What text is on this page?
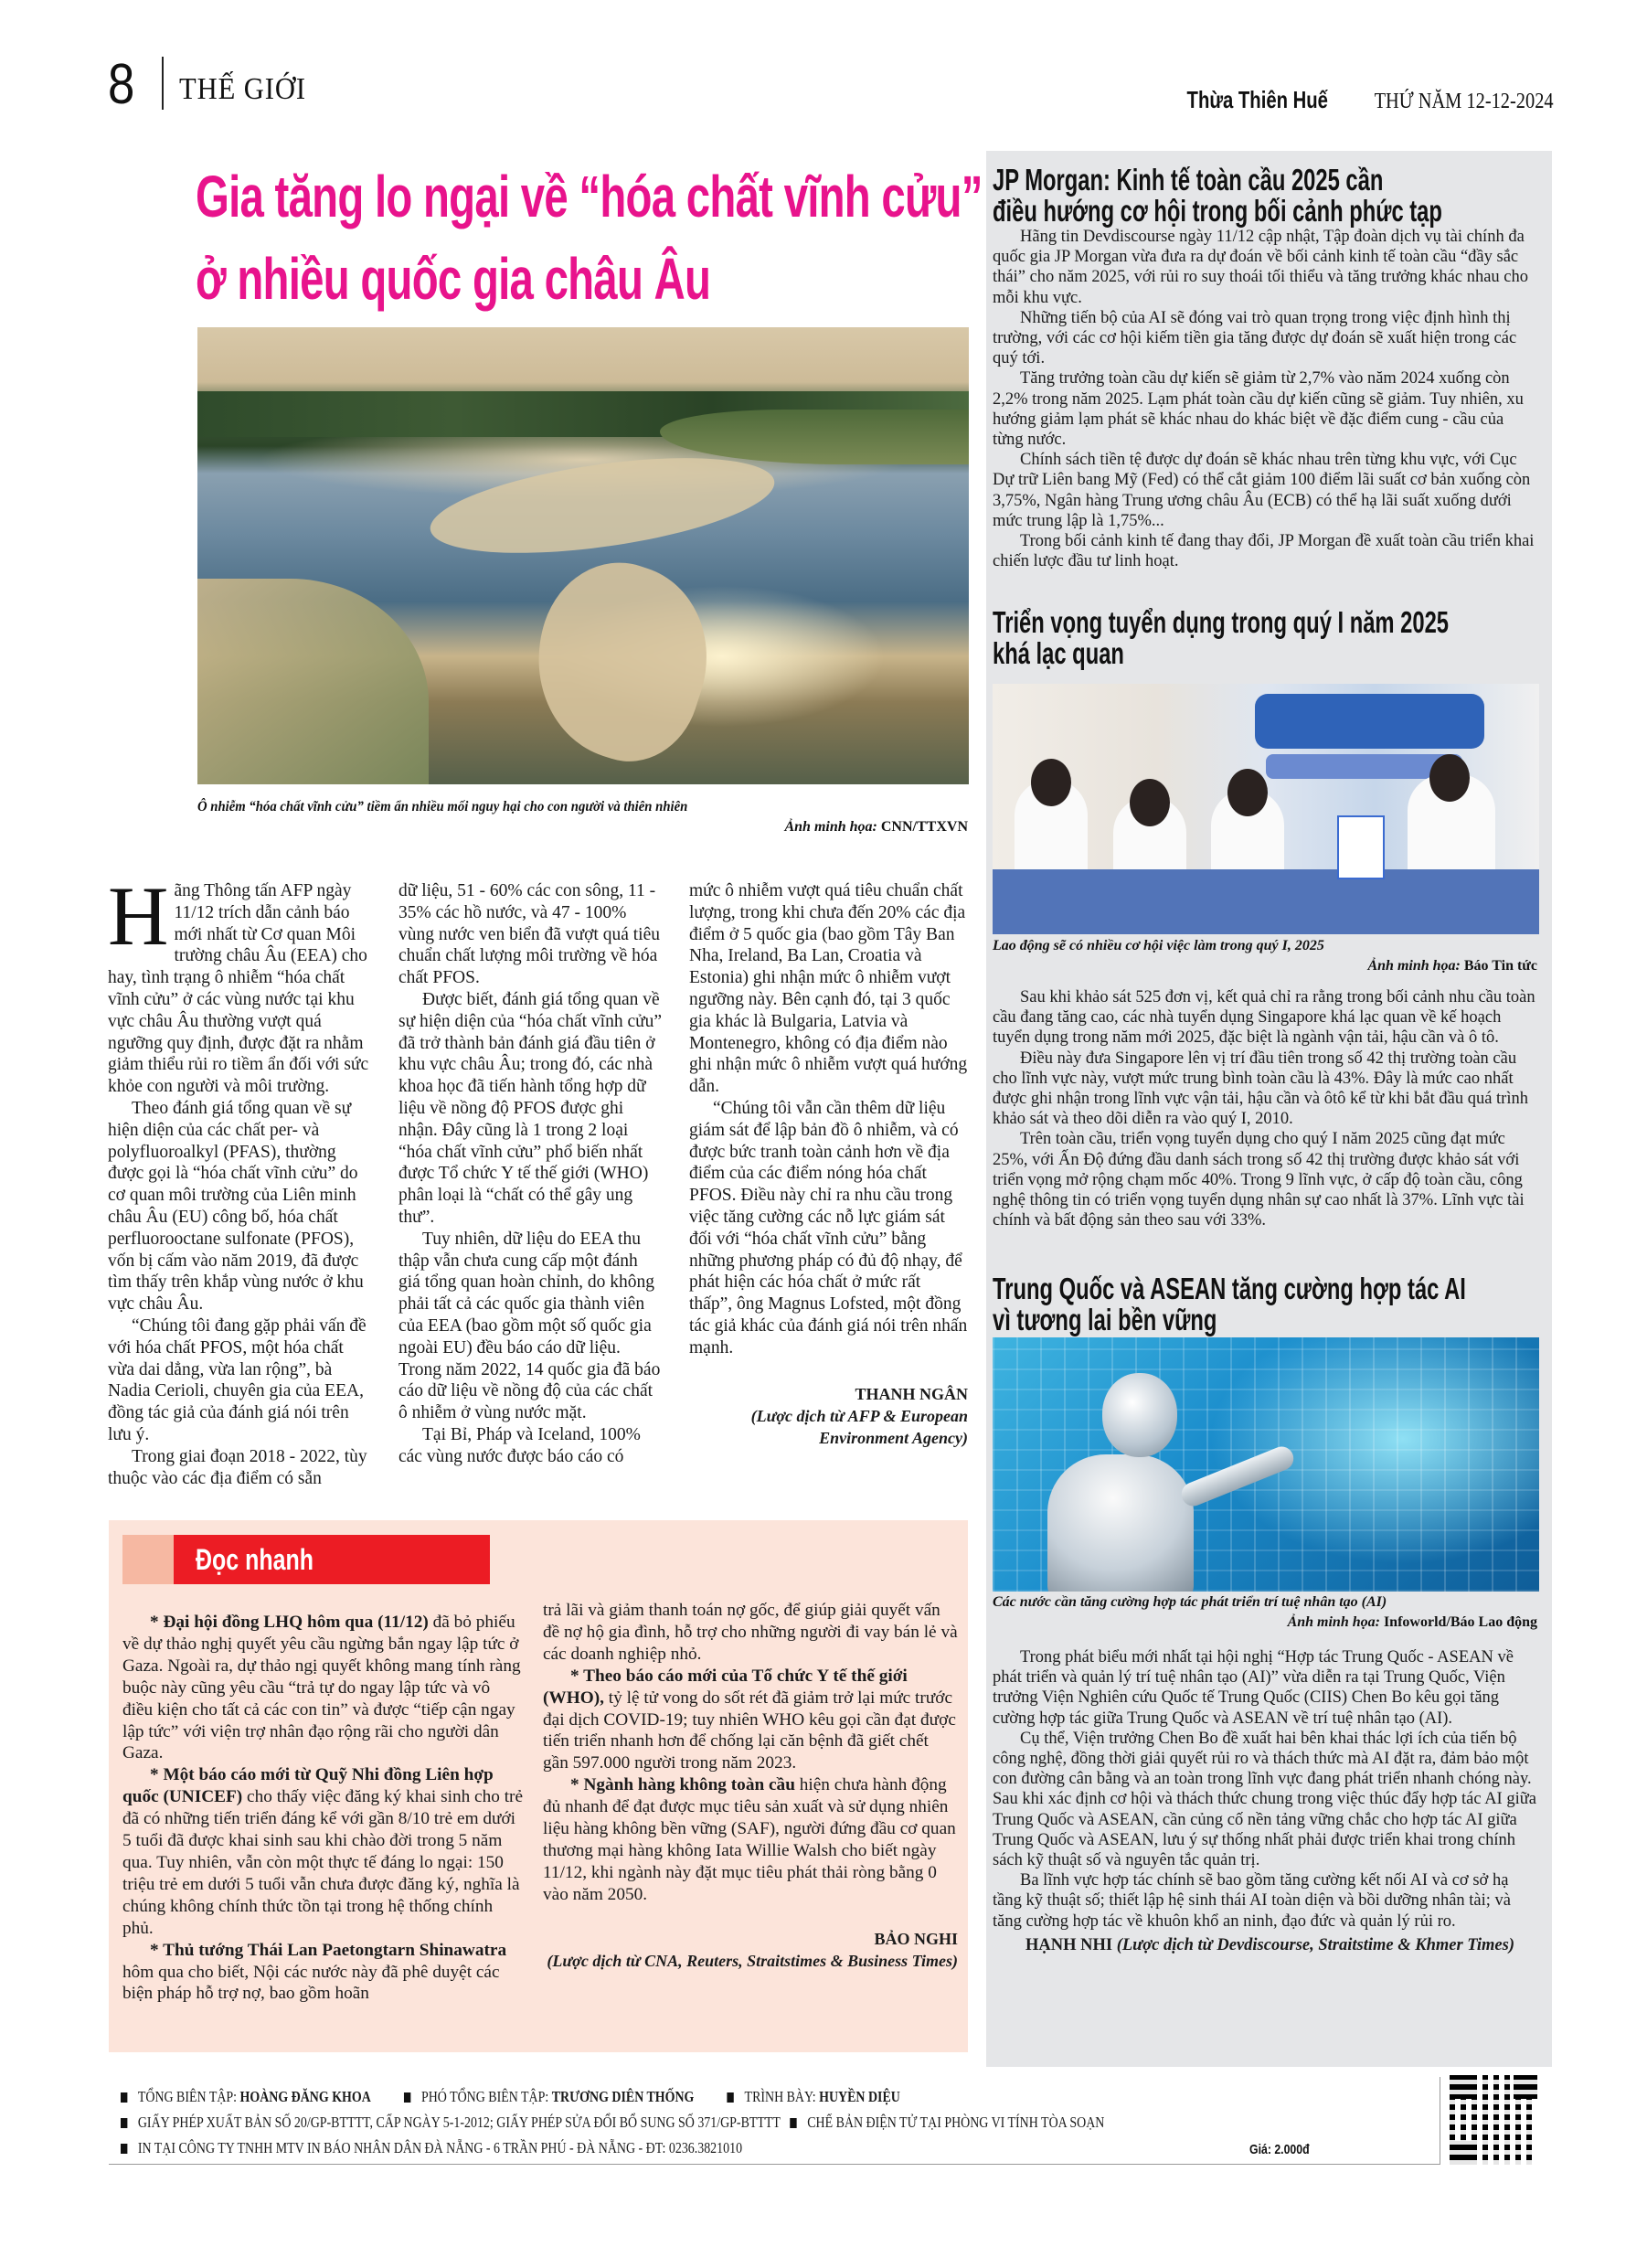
8 THẾ GIỚI	Thừa Thiên Huế THỨ NĂM 12-12-2024
Gia tăng lo ngại về “hóa chất vĩnh cửu”
ở nhiều quốc gia châu Âu
Ô nhiễm “hóa chất vĩnh cửu” tiềm ẩn nhiều mối nguy hại cho con người và thiên nhiên
Ảnh minh họa: CNN/TTXVN

Hãng Thông tấn AFP ngày 11/12 trích dẫn cảnh báo mới nhất từ Cơ quan Môi trường châu Âu (EEA) cho hay, tình trạng ô nhiễm “hóa chất vĩnh cửu” ở các vùng nước tại khu vực châu Âu thường vượt quá ngưỡng quy định, được đặt ra nhằm giảm thiểu rủi ro tiềm ẩn đối với sức khỏe con người và môi trường.

Theo đánh giá tổng quan về sự hiện diện của các chất per- và polyfluoroalkyl (PFAS), thường được gọi là “hóa chất vĩnh cửu” do cơ quan môi trường của Liên minh châu Âu (EU) công bố, hóa chất perfluorooctane sulfonate (PFOS), vốn bị cấm vào năm 2019, đã được tìm thấy trên khắp vùng nước ở khu vực châu Âu.

“Chúng tôi đang gặp phải vấn đề với hóa chất PFOS, một hóa chất vừa dai dẳng, vừa lan rộng”, bà Nadia Cerioli, chuyên gia của EEA, đồng tác giả của đánh giá nói trên lưu ý.

Trong giai đoạn 2018 - 2022, tùy thuộc vào các địa điểm có sẵn

dữ liệu, 51 - 60% các con sông, 11 - 35% các hồ nước, và 47 - 100% vùng nước ven biển đã vượt quá tiêu chuẩn chất lượng môi trường về hóa chất PFOS.

Được biết, đánh giá tổng quan về sự hiện diện của “hóa chất vĩnh cửu” đã trở thành bản đánh giá đầu tiên ở khu vực châu Âu; trong đó, các nhà khoa học đã tiến hành tổng hợp dữ liệu về nồng độ PFOS được ghi nhận. Đây cũng là 1 trong 2 loại “hóa chất vĩnh cửu” phổ biến nhất được Tổ chức Y tế thế giới (WHO) phân loại là “chất có thể gây ung thư”.

Tuy nhiên, dữ liệu do EEA thu thập vẫn chưa cung cấp một đánh giá tổng quan hoàn chỉnh, do không phải tất cả các quốc gia thành viên của EEA (bao gồm một số quốc gia ngoài EU) đều báo cáo dữ liệu. Trong năm 2022, 14 quốc gia đã báo cáo dữ liệu về nồng độ của các chất ô nhiễm ở vùng nước mặt.

Tại Bỉ, Pháp và Iceland, 100% các vùng nước được báo cáo có

mức ô nhiễm vượt quá tiêu chuẩn chất lượng, trong khi chưa đến 20% các địa điểm ở 5 quốc gia (bao gồm Tây Ban Nha, Ireland, Ba Lan, Croatia và Estonia) ghi nhận mức ô nhiễm vượt ngưỡng này. Bên cạnh đó, tại 3 quốc gia khác là Bulgaria, Latvia và Montenegro, không có địa điểm nào ghi nhận mức ô nhiễm vượt quá hướng dẫn.

“Chúng tôi vẫn cần thêm dữ liệu giám sát để lập bản đồ ô nhiễm, và có được bức tranh toàn cảnh hơn về địa điểm của các điểm nóng hóa chất PFOS. Điều này chỉ ra nhu cầu trong việc tăng cường các nỗ lực giám sát đối với “hóa chất vĩnh cửu” bằng những phương pháp có đủ độ nhạy, để phát hiện các hóa chất ở mức rất thấp”, ông Magnus Lofsted, một đồng tác giả khác của đánh giá nói trên nhấn mạnh.

THANH NGÂN
(Lược dịch từ AFP & European Environment Agency)
JP Morgan: Kinh tế toàn cầu 2025 cần
điều hướng cơ hội trong bối cảnh phức tạp

Hãng tin Devdiscourse ngày 11/12 cập nhật, Tập đoàn dịch vụ tài chính đa quốc gia JP Morgan vừa đưa ra dự đoán về bối cảnh kinh tế toàn cầu “đầy sắc thái” cho năm 2025, với rủi ro suy thoái tối thiểu và tăng trưởng khác nhau cho mỗi khu vực.

Những tiến bộ của AI sẽ đóng vai trò quan trọng trong việc định hình thị trường, với các cơ hội kiếm tiền gia tăng được dự đoán sẽ xuất hiện trong các quý tới.

Tăng trưởng toàn cầu dự kiến sẽ giảm từ 2,7% vào năm 2024 xuống còn 2,2% trong năm 2025. Lạm phát toàn cầu dự kiến cũng sẽ giảm. Tuy nhiên, xu hướng giảm lạm phát sẽ khác nhau do khác biệt về đặc điểm cung - cầu của từng nước.

Chính sách tiền tệ được dự đoán sẽ khác nhau trên từng khu vực, với Cục Dự trữ Liên bang Mỹ (Fed) có thể cắt giảm 100 điểm lãi suất cơ bản xuống còn 3,75%, Ngân hàng Trung ương châu Âu (ECB) có thể hạ lãi suất xuống dưới mức trung lập là 1,75%...

Trong bối cảnh kinh tế đang thay đổi, JP Morgan đề xuất toàn cầu triển khai chiến lược đầu tư linh hoạt.

Triển vọng tuyển dụng trong quý I năm 2025
khá lạc quan
Lao động sẽ có nhiều cơ hội việc làm trong quý I, 2025
Ảnh minh họa: Báo Tin tức

Sau khi khảo sát 525 đơn vị, kết quả chỉ ra rằng trong bối cảnh nhu cầu toàn cầu đang tăng cao, các nhà tuyển dụng Singapore khá lạc quan về kế hoạch tuyển dụng trong năm mới 2025, đặc biệt là ngành vận tải, hậu cần và ô tô.

Điều này đưa Singapore lên vị trí đầu tiên trong số 42 thị trường toàn cầu cho lĩnh vực này, vượt mức trung bình toàn cầu là 43%. Đây là mức cao nhất được ghi nhận trong lĩnh vực vận tải, hậu cần và ôtô kể từ khi bắt đầu quá trình khảo sát và theo dõi diễn ra vào quý I, 2010.

Trên toàn cầu, triển vọng tuyển dụng cho quý I năm 2025 cũng đạt mức 25%, với Ấn Độ đứng đầu danh sách trong số 42 thị trường được khảo sát với triển vọng mở rộng chạm mốc 40%. Trong 9 lĩnh vực, ở cấp độ toàn cầu, công nghệ thông tin có triển vọng tuyển dụng nhân sự cao nhất là 37%. Lĩnh vực tài chính và bất động sản theo sau với 33%.

Trung Quốc và ASEAN tăng cường hợp tác AI
vì tương lai bền vững
Các nước cần tăng cường hợp tác phát triển trí tuệ nhân tạo (AI)
Ảnh minh họa: Infoworld/Báo Lao động

Trong phát biểu mới nhất tại hội nghị “Hợp tác Trung Quốc - ASEAN về phát triển và quản lý trí tuệ nhân tạo (AI)” vừa diễn ra tại Trung Quốc, Viện trưởng Viện Nghiên cứu Quốc tế Trung Quốc (CIIS) Chen Bo kêu gọi tăng cường hợp tác giữa Trung Quốc và ASEAN về trí tuệ nhân tạo (AI).

Cụ thể, Viện trưởng Chen Bo đề xuất hai bên khai thác lợi ích của tiến bộ công nghệ, đồng thời giải quyết rủi ro và thách thức mà AI đặt ra, đảm bảo một con đường cân bằng và an toàn trong lĩnh vực đang phát triển nhanh chóng này. Sau khi xác định cơ hội và thách thức chung trong việc thúc đẩy hợp tác AI giữa Trung Quốc và ASEAN, cần củng cố nền tảng vững chắc cho hợp tác AI giữa Trung Quốc và ASEAN, lưu ý sự thống nhất phải được triển khai trong chính sách kỹ thuật số và nguyên tắc quản trị.

Ba lĩnh vực hợp tác chính sẽ bao gồm tăng cường kết nối AI và cơ sở hạ tầng kỹ thuật số; thiết lập hệ sinh thái AI toàn diện và bồi dưỡng nhân tài; và tăng cường hợp tác về khuôn khổ an ninh, đạo đức và quản lý rủi ro.

HẠNH NHI (Lược dịch từ Devdiscourse, Straitstime & Khmer Times)

Đọc nhanh

* Đại hội đồng LHQ hôm qua (11/12) đã bỏ phiếu về dự thảo nghị quyết yêu cầu ngừng bắn ngay lập tức ở Gaza. Ngoài ra, dự thảo ngị quyết không mang tính ràng buộc này cũng yêu cầu “trả tự do ngay lập tức và vô điều kiện cho tất cả các con tin” và được “tiếp cận ngay lập tức” với viện trợ nhân đạo rộng rãi cho người dân Gaza.

* Một báo cáo mới từ Quỹ Nhi đồng Liên hợp quốc (UNICEF) cho thấy việc đăng ký khai sinh cho trẻ đã có những tiến triển đáng kể với gần 8/10 trẻ em dưới 5 tuổi đã được khai sinh sau khi chào đời trong 5 năm qua. Tuy nhiên, vẫn còn một thực tế đáng lo ngại: 150 triệu trẻ em dưới 5 tuổi vẫn chưa được đăng ký, nghĩa là chúng không chính thức tồn tại trong hệ thống chính phủ.

* Thủ tướng Thái Lan Paetongtarn Shinawatra hôm qua cho biết, Nội các nước này đã phê duyệt các biện pháp hỗ trợ nợ, bao gồm hoãn

trả lãi và giảm thanh toán nợ gốc, để giúp giải quyết vấn đề nợ hộ gia đình, hỗ trợ cho những người đi vay bán lẻ và các doanh nghiệp nhỏ.

* Theo báo cáo mới của Tổ chức Y tế thế giới (WHO), tỷ lệ tử vong do sốt rét đã giảm trở lại mức trước đại dịch COVID-19; tuy nhiên WHO kêu gọi cần đạt được tiến triển nhanh hơn để chống lại căn bệnh đã giết chết gần 597.000 người trong năm 2023.

* Ngành hàng không toàn cầu hiện chưa hành động đủ nhanh để đạt được mục tiêu sản xuất và sử dụng nhiên liệu hàng không bền vững (SAF), người đứng đầu cơ quan thương mại hàng không Iata Willie Walsh cho biết ngày 11/12, khi ngành này đặt mục tiêu phát thải ròng bằng 0 vào năm 2050.

BẢO NGHI
(Lược dịch từ CNA, Reuters, Straitstimes & Business Times)
TỔNG BIÊN TẬP: HOÀNG ĐĂNG KHOA	PHÓ TỔNG BIÊN TẬP: TRƯƠNG DIÊN THỐNG	TRÌNH BÀY: HUYỀN DIỆU
GIẤY PHÉP XUẤT BẢN SỐ 20/GP-BTTTT, CẤP NGÀY 5-1-2012; GIẤY PHÉP SỬA ĐỔI BỔ SUNG SỐ 371/GP-BTTTT CHẾ BẢN ĐIỆN TỬ TẠI PHÒNG VI TÍNH TÒA SOẠN
IN TẠI CÔNG TY TNHH MTV IN BÁO NHÂN DÂN ĐÀ NẴNG - 6 TRẦN PHÚ - ĐÀ NẴNG - ĐT: 0236.3821010	Giá: 2.000đ
